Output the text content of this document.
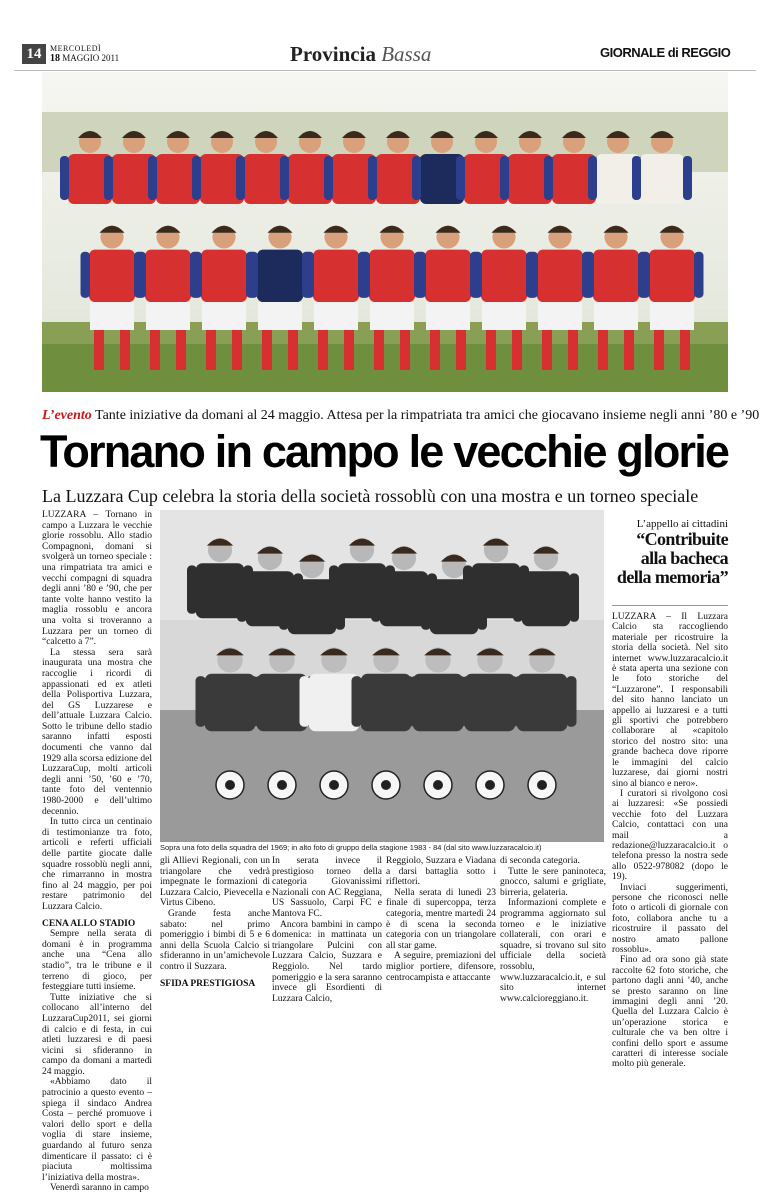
14	MERCOLEDÌ
18 MAGGIO 2011	Provincia Bassa	GIORNALE di REGGIO
L’evento Tante iniziative da domani al 24 maggio. Attesa per la rimpatriata tra amici che giocavano insieme negli anni ’80 e ’90
Tornano in campo le vecchie glorie
La Luzzara Cup celebra la storia della società rossoblù con una mostra e un torneo speciale

LUZZARA – Tornano in campo a Luzzara le vecchie glorie rossoblu. Allo stadio Compagnoni, domani si svolgerà un torneo speciale : una rimpatriata tra amici e vecchi compagni di squadra degli anni ’80 e ’90, che per tante volte hanno vestito la maglia rossoblu e ancora una volta si troveranno a Luzzara per un torneo di “calcetto a 7”.

La stessa sera sarà inaugurata una mostra che raccoglie i ricordi di appassionati ed ex atleti della Polisportiva Luzzara, del GS Luzzarese e dell’attuale Luzzara Calcio. Sotto le tribune dello stadio saranno infatti esposti documenti che vanno dal 1929 alla scorsa edizione del LuzzaraCup, molti articoli degli anni ’50, ’60 e ’70, tante foto del ventennio 1980-2000 e dell’ultimo decennio.

In tutto circa un centinaio di testimonianze tra foto, articoli e referti ufficiali delle partite giocate dalle squadre rossoblù negli anni, che rimarranno in mostra fino al 24 maggio, per poi restare patrimonio del Luzzara Calcio.

CENA ALLO STADIO

Sempre nella serata di domani è in programma anche una “Cena allo stadio”, tra le tribune e il terreno di gioco, per festeggiare tutti insieme.

Tutte iniziative che si collocano all’interno del LuzzaraCup2011, sei giorni di calcio e di festa, in cui atleti luzzaresi e di paesi vicini si sfideranno in campo da domani a martedì 24 maggio.

«Abbiamo dato il patrocinio a questo evento – spiega il sindaco Andrea Costa – perché promuove i valori dello sport e della voglia di stare insieme, guardando al futuro senza dimenticare il passato: ci è piaciuta moltissima l’iniziativa della mostra».

Venerdì saranno in campo

Sopra una foto della squadra del 1969; in alto foto di gruppo della stagione 1983 - 84 (dal sito www.luzzaracalcio.it)

gli Allievi Regionali, con un triangolare che vedrà impegnate le formazioni di Luzzara Calcio, Pievecella e Virtus Cibeno.

Grande festa anche sabato: nel primo pomeriggio i bimbi di 5 e 6 anni della Scuola Calcio si sfideranno in un’amichevole contro il Suzzara.

SFIDA PRESTIGIOSA

In serata invece il prestigioso torneo della categoria Giovanissimi Nazionali con AC Reggiana, US Sassuolo, Carpi FC e Mantova FC.

Ancora bambini in campo domenica: in mattinata un triangolare Pulcini con Luzzara Calcio, Suzzara e Reggiolo. Nel tardo pomeriggio e la sera saranno invece gli Esordienti di Luzzara Calcio,

Reggiolo, Suzzara e Viadana a darsi battaglia sotto i riflettori.

Nella serata di lunedì 23 finale di supercoppa, terza categoria, mentre martedì 24 è di scena la seconda categoria con un triangolare all star game.

A seguire, premiazioni del miglior portiere, difensore, centrocampista e attaccante

di seconda categoria.

Tutte le sere paninoteca, gnocco, salumi e grigliate, birreria, gelateria.

Informazioni complete e programma aggiornato sul torneo e le iniziative collaterali, con orari e squadre, si trovano sul sito ufficiale della società rossoblu, www.luzzaracalcio.it, e sul sito internet www.calcioreggiano.it.

L’appello ai cittadini
“Contribuite
alla bacheca
della memoria”

LUZZARA – Il Luzzara Calcio sta raccogliendo materiale per ricostruire la storia della società. Nel sito internet www.luzzaracalcio.it è stata aperta una sezione con le foto storiche del “Luzzarone”. I responsabili del sito hanno lanciato un appello ai luzzaresi e a tutti gli sportivi che potrebbero collaborare al «capitolo storico del nostro sito: una grande bacheca dove riporre le immagini del calcio luzzarese, dai giorni nostri sino al bianco e nero».

I curatori si rivolgono così ai luzzaresi: «Se possiedi vecchie foto del Luzzara Calcio, contattaci con una mail a redazione@luzzaracalcio.it o telefona presso la nostra sede allo 0522-978082 (dopo le 19).

Inviaci suggerimenti, persone che riconosci nelle foto o articoli di giornale con foto, collabora anche tu a ricostruire il passato del nostro amato pallone rossoblu».

Fino ad ora sono già state raccolte 62 foto storiche, che partono dagli anni ’40, anche se presto saranno on line immagini degli anni ’20. Quella del Luzzara Calcio è un’operazione storica e culturale che va ben oltre i confini dello sport e assume caratteri di interesse sociale molto più generale.
